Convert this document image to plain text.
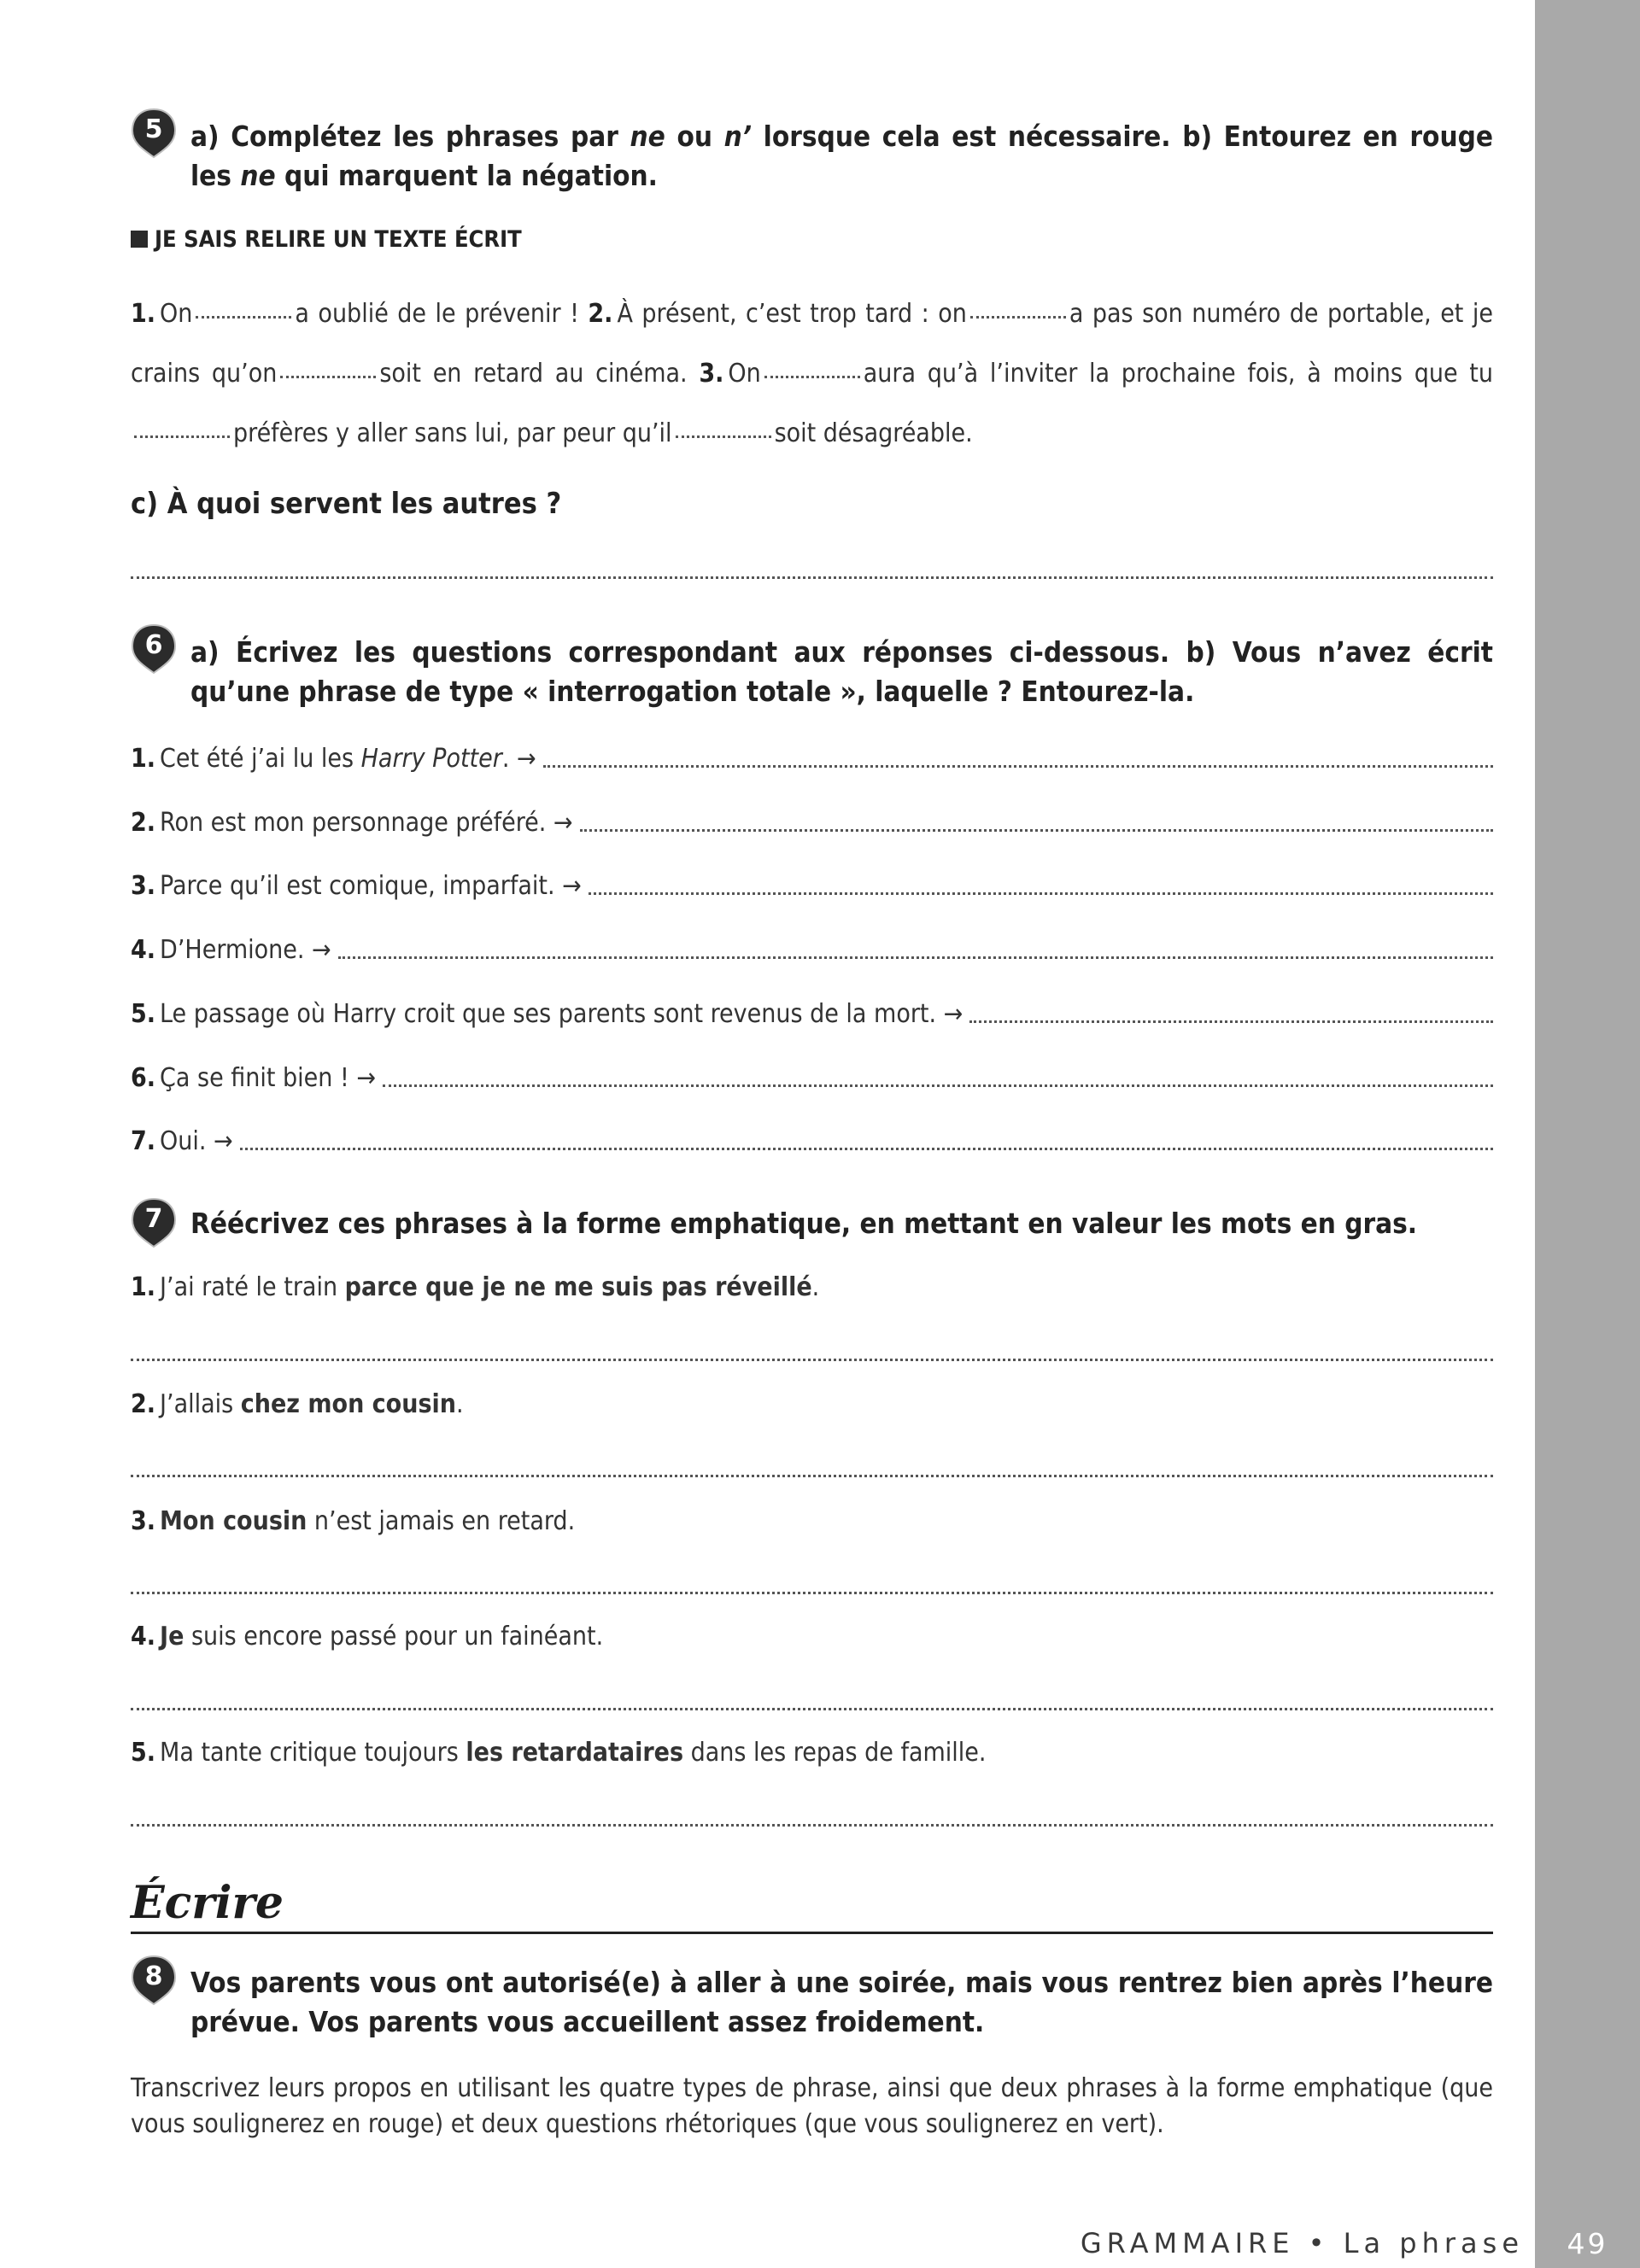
5 a) Complétez les phrases par ne ou n’ lorsque cela est nécessaire. b) Entourez en rouge les ne qui marquent la négation.
JE SAIS RELIRE UN TEXTE ÉCRIT
1. On	a oublié de le prévenir ! 2. À présent, c’est trop tard : on	a pas son numéro de portable, et je crains qu’on	soit en retard au cinéma. 3. On	aura qu’à l’inviter la prochaine fois, à moins que tupréfères y aller sans lui, par peur qu’il	soit désagréable.
c) À quoi servent les autres ?
6 a) Écrivez les questions correspondant aux réponses ci-dessous. b) Vous n’avez écrit qu’une phrase de type « interrogation totale », laquelle ? Entourez-la.
1. Cet été j’ai lu les Harry Potter. →
2. Ron est mon personnage préféré. →
3. Parce qu’il est comique, imparfait. →
4. D’Hermione. →
5. Le passage où Harry croit que ses parents sont revenus de la mort. →
6. Ça se finit bien ! →
7. Oui. →
7 Réécrivez ces phrases à la forme emphatique, en mettant en valeur les mots en gras.
1. J’ai raté le train parce que je ne me suis pas réveillé.
2. J’allais chez mon cousin.
3. Mon cousin n’est jamais en retard.
4. Je suis encore passé pour un fainéant.
5. Ma tante critique toujours les retardataires dans les repas de famille.
Écrire
8 Vos parents vous ont autorisé(e) à aller à une soirée, mais vous rentrez bien après l’heure prévue. Vos parents vous accueillent assez froidement.
Transcrivez leurs propos en utilisant les quatre types de phrase, ainsi que deux phrases à la forme emphatique (que vous soulignerez en rouge) et deux questions rhétoriques (que vous soulignerez en vert).
GRAMMAIRE • La phrase	49
